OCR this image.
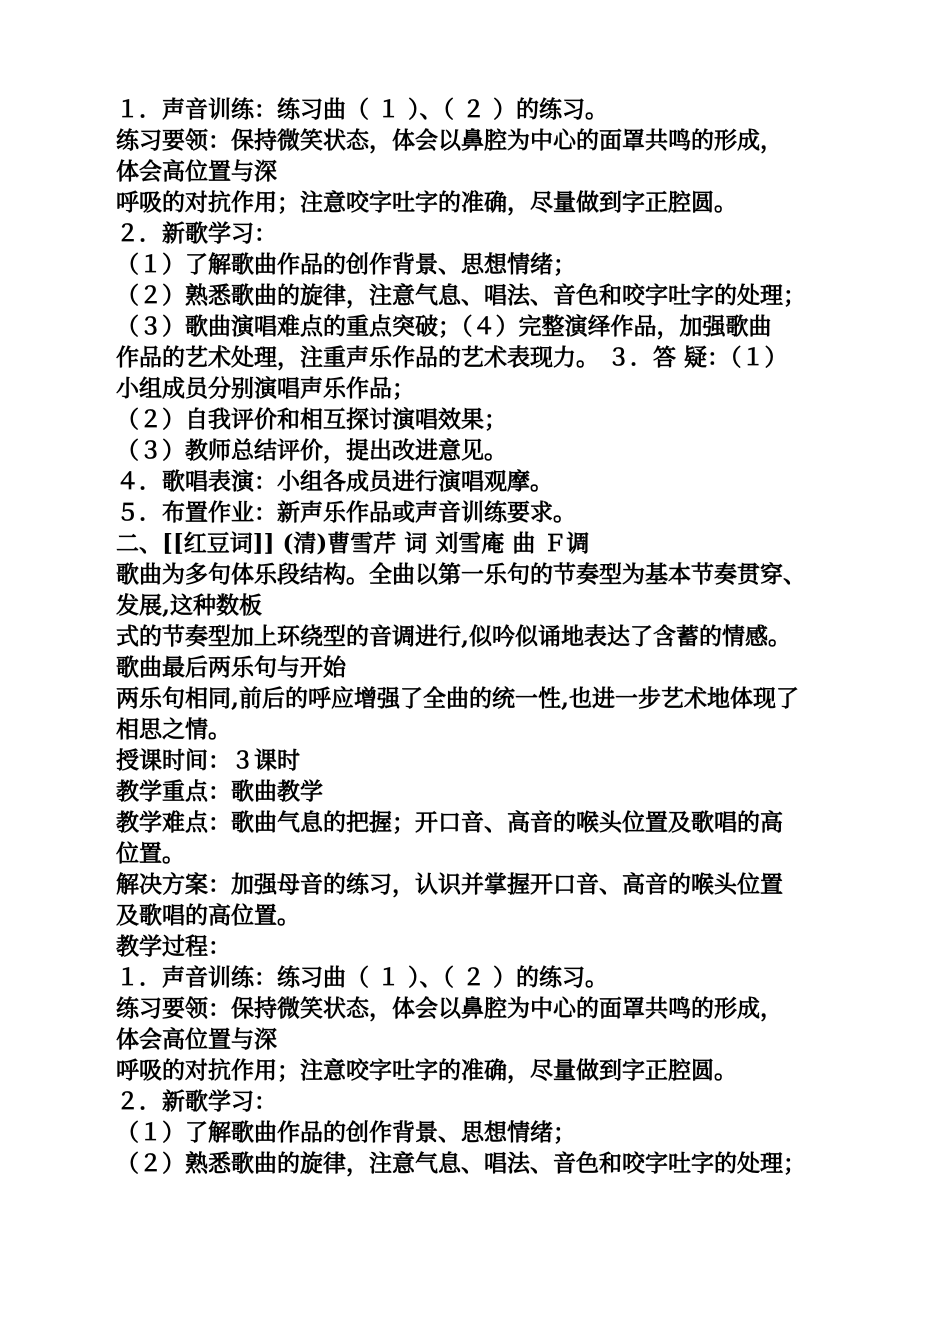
１．声音训练：练习曲（ １ ）、（ ２ ）的练习。
练习要领：保持微笑状态，体会以鼻腔为中心的面罩共鸣的形成，
体会高位置与深
呼吸的对抗作用；注意咬字吐字的准确，尽量做到字正腔圆。
２．新歌学习：
（１）了解歌曲作品的创作背景、思想情绪；
（２）熟悉歌曲的旋律，注意气息、唱法、音色和咬字吐字的处理；
（３）歌曲演唱难点的重点突破；（４）完整演绎作品，加强歌曲
作品的艺术处理，注重声乐作品的艺术表现力。 ３．答 疑：（１）
小组成员分别演唱声乐作品；
（２）自我评价和相互探讨演唱效果；
（３）教师总结评价，提出改进意见。
４．歌唱表演：小组各成员进行演唱观摩。
５．布置作业：新声乐作品或声音训练要求。
二、[[红豆词]] (清)曹雪芹 词 刘雪庵 曲 Ｆ调
歌曲为多句体乐段结构。全曲以第一乐句的节奏型为基本节奏贯穿、
发展,这种数板
式的节奏型加上环绕型的音调进行,似吟似诵地表达了含蓄的情感。
歌曲最后两乐句与开始
两乐句相同,前后的呼应增强了全曲的统一性,也进一步艺术地体现了
相思之情。
授课时间：３课时
教学重点：歌曲教学
教学难点：歌曲气息的把握；开口音、高音的喉头位置及歌唱的高
位置。
解决方案：加强母音的练习，认识并掌握开口音、高音的喉头位置
及歌唱的高位置。
教学过程：
１．声音训练：练习曲（ １ ）、（ ２ ）的练习。
练习要领：保持微笑状态，体会以鼻腔为中心的面罩共鸣的形成，
体会高位置与深
呼吸的对抗作用；注意咬字吐字的准确，尽量做到字正腔圆。
２．新歌学习：
（１）了解歌曲作品的创作背景、思想情绪；
（２）熟悉歌曲的旋律，注意气息、唱法、音色和咬字吐字的处理；
